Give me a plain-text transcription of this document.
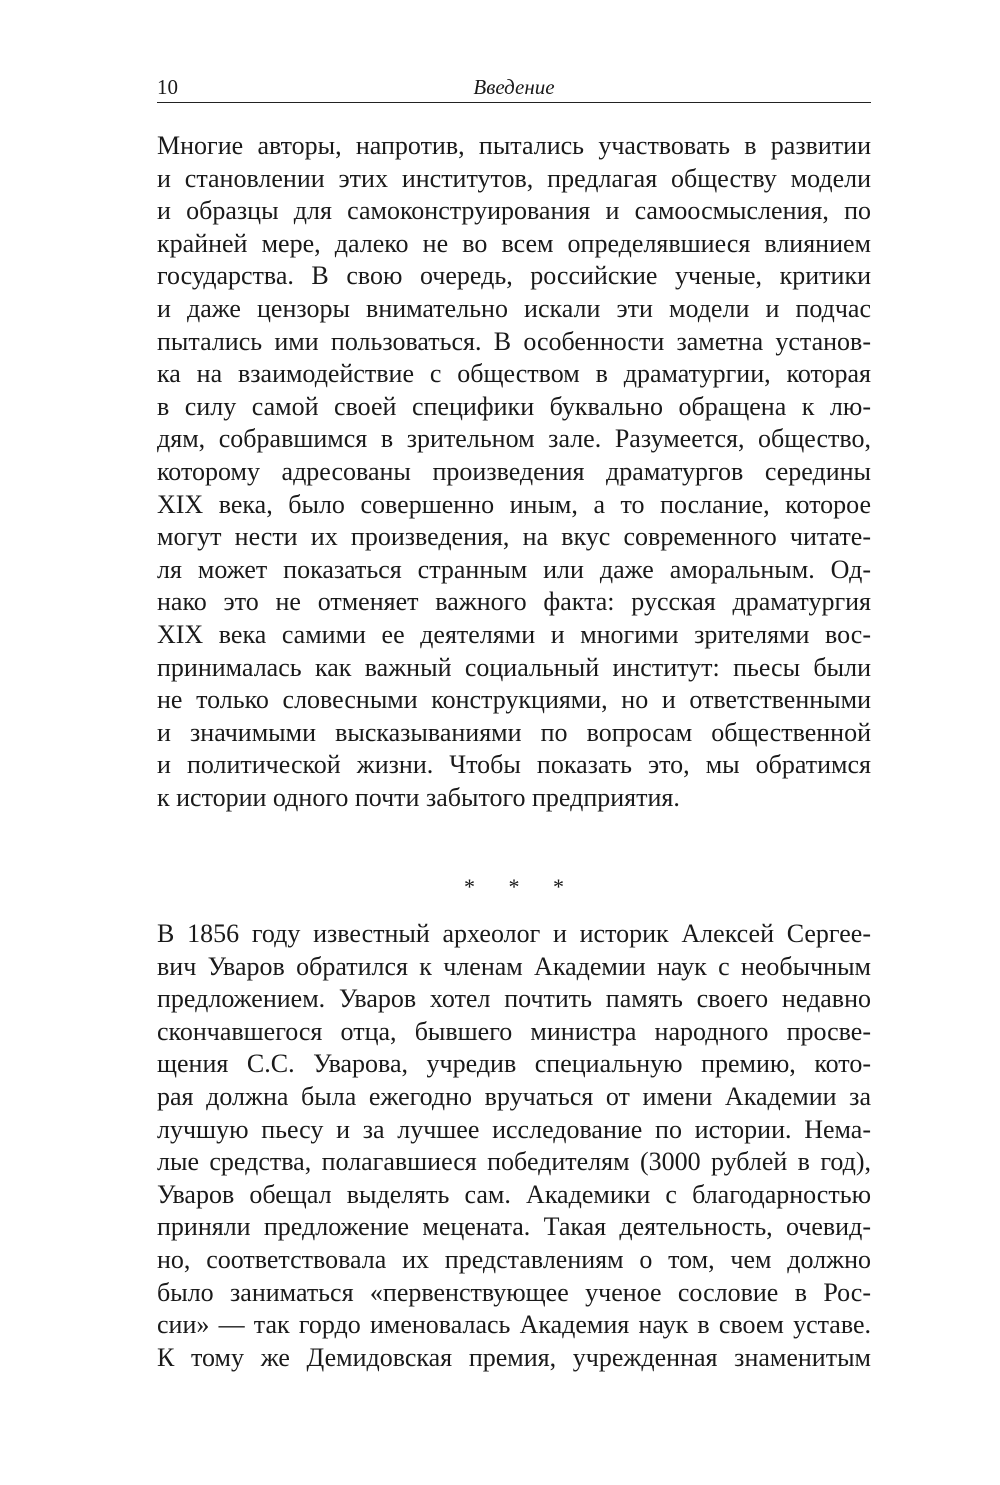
10	Введение
Многие авторы, напротив, пытались участвовать в развитии
и становлении этих институтов, предлагая обществу модели
и образцы для самоконструирования и самоосмысления, по
крайней мере, далеко не во всем определявшиеся влиянием
государства. В свою очередь, российские ученые, критики
и даже цензоры внимательно искали эти модели и подчас
пытались ими пользоваться. В особенности заметна установ-
ка на взаимодействие с обществом в драматургии, которая
в силу самой своей специфики буквально обращена к лю-
дям, собравшимся в зрительном зале. Разумеется, общество,
которому адресованы произведения драматургов середины
XIX века, было совершенно иным, а то послание, которое
могут нести их произведения, на вкус современного читате-
ля может показаться странным или даже аморальным. Од-
нако это не отменяет важного факта: русская драматургия
XIX века самими ее деятелями и многими зрителями вос-
принималась как важный социальный институт: пьесы были
не только словесными конструкциями, но и ответственными
и значимыми высказываниями по вопросам общественной
и политической жизни. Чтобы показать это, мы обратимся
к истории одного почти забытого предприятия.
* * *
В 1856 году известный археолог и историк Алексей Сергее-
вич Уваров обратился к членам Академии наук с необычным
предложением. Уваров хотел почтить память своего недавно
скончавшегося отца, бывшего министра народного просве-
щения С.С. Уварова, учредив специальную премию, кото-
рая должна была ежегодно вручаться от имени Академии за
лучшую пьесу и за лучшее исследование по истории. Нема-
лые средства, полагавшиеся победителям (3000 рублей в год),
Уваров обещал выделять сам. Академики с благодарностью
приняли предложение мецената. Такая деятельность, очевид-
но, соответствовала их представлениям о том, чем должно
было заниматься «первенствующее ученое сословие в Рос-
сии» — так гордо именовалась Академия наук в своем уставе.
К тому же Демидовская премия, учрежденная знаменитым
